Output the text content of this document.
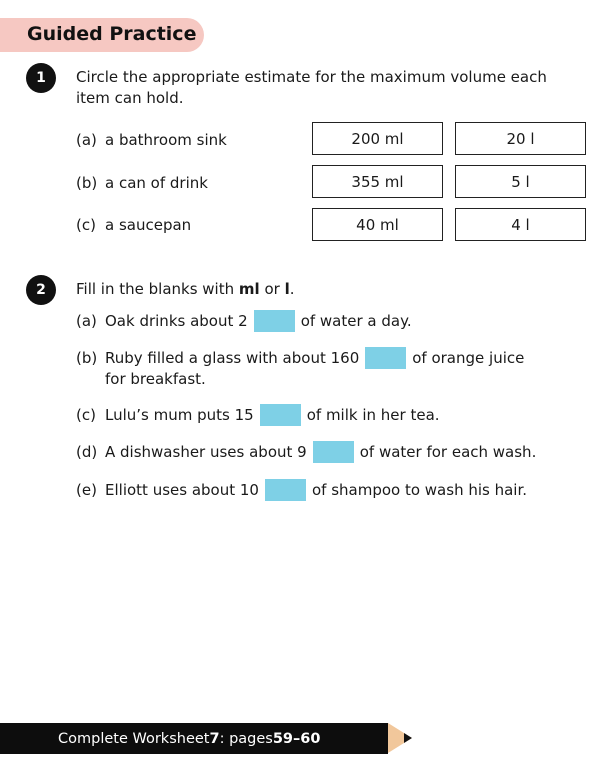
Guided Practice
1	Circle the appropriate estimate for the maximum volume each
item can hold.
(a) a bathroom sink	200 ml	20 l
(b) a can of drink	355 ml	5 l
(c) a saucepan	40 ml	4 l
2	Fill in the blanks with ml or l.
(a) Oak drinks about 2	of water a day.
(b) Ruby filled a glass with about 160	of orange juice
for breakfast.
(c) Lulu’s mum puts 15	of milk in her tea.
(d) A dishwasher uses about 9	of water for each wash.
(e) Elliott uses about 10	of shampoo to wash his hair.
Complete Worksheet 7 : pages 59–60
